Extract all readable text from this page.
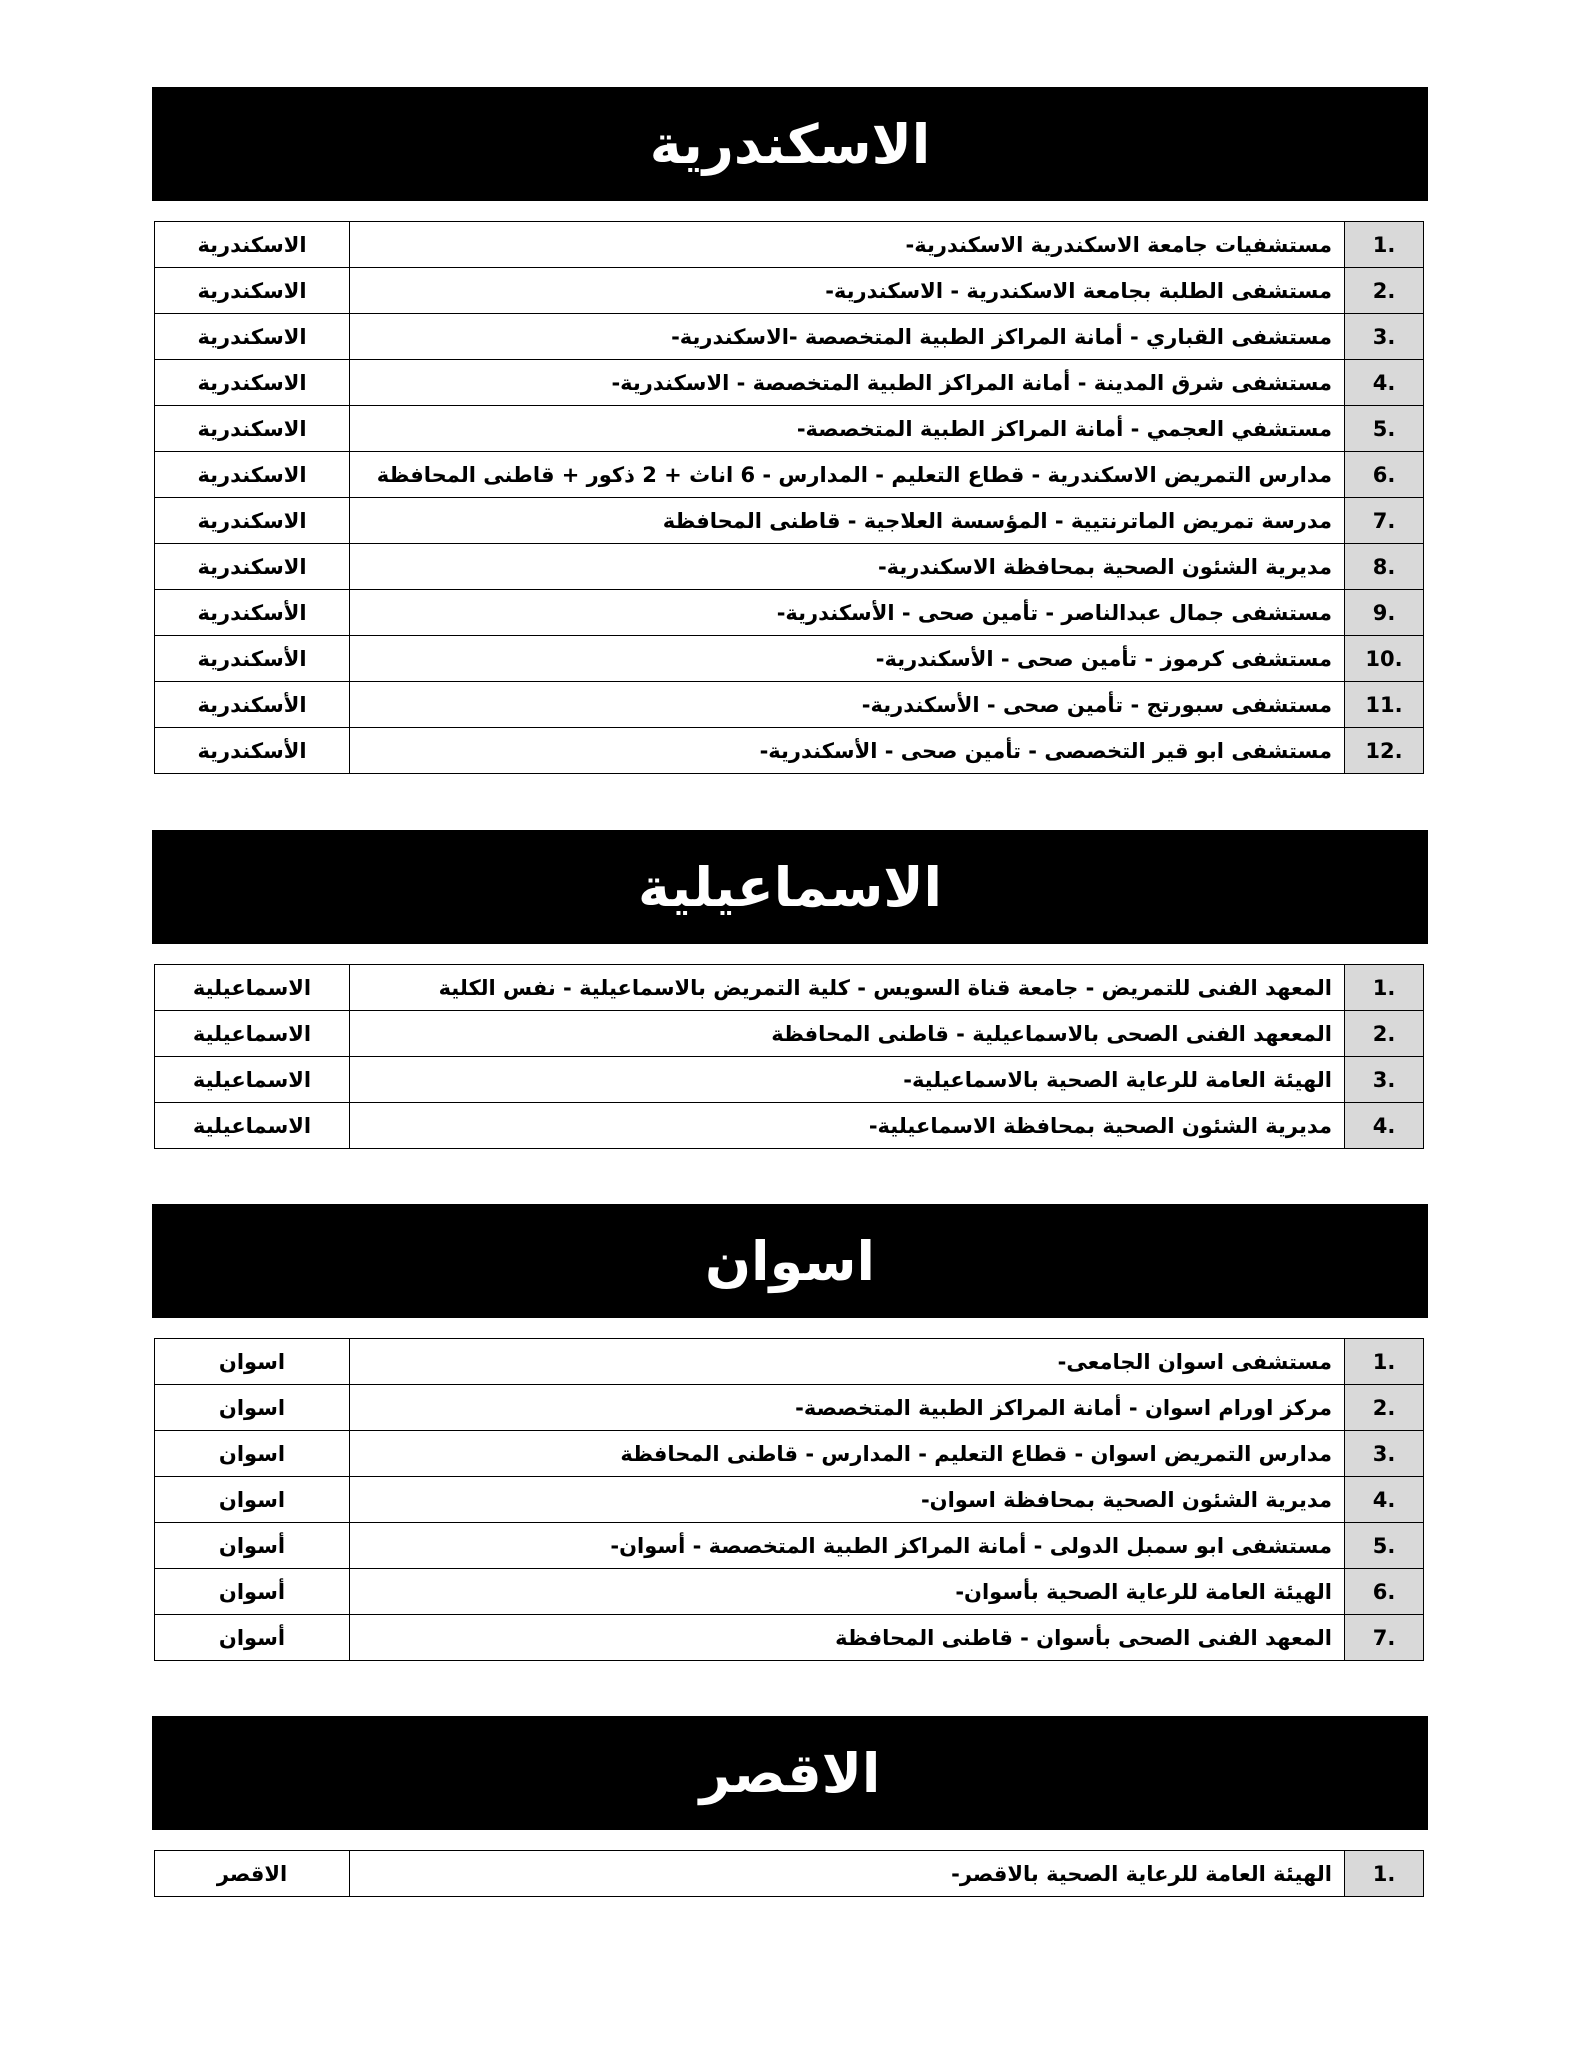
الاسكندرية
1.	مستشفيات جامعة الاسكندرية الاسكندرية-	الاسكندرية
2.	مستشفى الطلبة بجامعة الاسكندرية - الاسكندرية-	الاسكندرية
3.	مستشفى القباري - أمانة المراكز الطبية المتخصصة -الاسكندرية-	الاسكندرية
4.	مستشفى شرق المدينة - أمانة المراكز الطبية المتخصصة - الاسكندرية-	الاسكندرية
5.	مستشفي العجمي - أمانة المراكز الطبية المتخصصة-	الاسكندرية
6.	مدارس التمريض الاسكندرية - قطاع التعليم - المدارس - 6 اناث + 2 ذكور + قاطنى المحافظة	الاسكندرية
7.	مدرسة تمريض الماترنتيية - المؤسسة العلاجية - قاطنى المحافظة	الاسكندرية
8.	مديرية الشئون الصحية بمحافظة الاسكندرية-	الاسكندرية
9.	مستشفى جمال عبدالناصر - تأمين صحى - الأسكندرية-	الأسكندرية
10.	مستشفى كرموز - تأمين صحى - الأسكندرية-	الأسكندرية
11.	مستشفى سبورتج - تأمين صحى - الأسكندرية-	الأسكندرية
12.	مستشفى ابو قير التخصصى - تأمين صحى - الأسكندرية-	الأسكندرية
الاسماعيلية
1.	المعهد الفنى للتمريض - جامعة قناة السويس - كلية التمريض بالاسماعيلية - نفس الكلية	الاسماعيلية
2.	المععهد الفنى الصحى بالاسماعيلية - قاطنى المحافظة	الاسماعيلية
3.	الهيئة العامة للرعاية الصحية بالاسماعيلية-	الاسماعيلية
4.	مديرية الشئون الصحية بمحافظة الاسماعيلية-	الاسماعيلية
اسوان
1.	مستشفى اسوان الجامعى-	اسوان
2.	مركز اورام اسوان - أمانة المراكز الطبية المتخصصة-	اسوان
3.	مدارس التمريض اسوان - قطاع التعليم - المدارس - قاطنى المحافظة	اسوان
4.	مديرية الشئون الصحية بمحافظة اسوان-	اسوان
5.	مستشفى ابو سمبل الدولى - أمانة المراكز الطبية المتخصصة - أسوان-	أسوان
6.	الهيئة العامة للرعاية الصحية بأسوان-	أسوان
7.	المعهد الفنى الصحى بأسوان - قاطنى المحافظة	أسوان
الاقصر
1.	الهيئة العامة للرعاية الصحية بالاقصر-	الاقصر
